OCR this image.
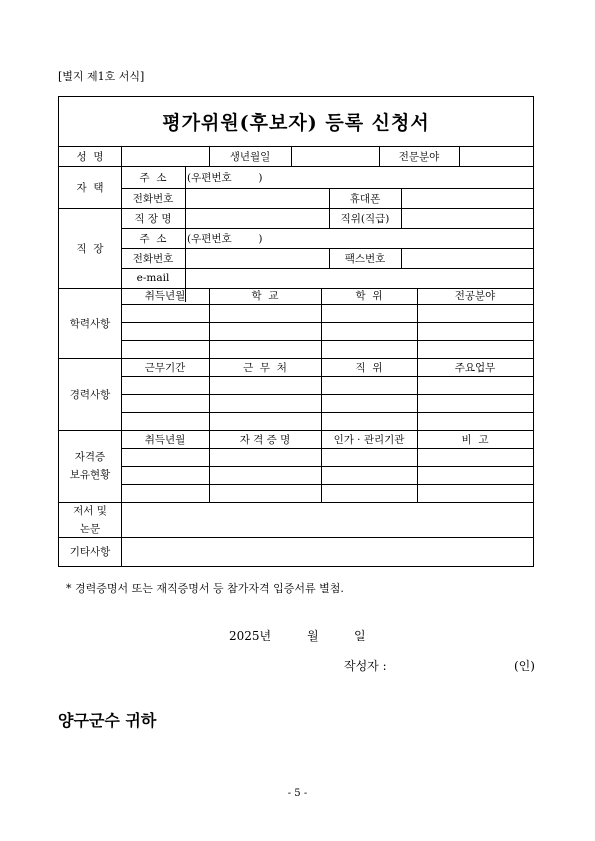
[별지 제1호 서식]
평가위원(후보자) 등록 신청서
성  명	생년월일	전문분야
자  택
주  소	(우편번호        )
전화번호	휴대폰
직  장
직 장 명	직위(직급)
주  소	(우편번호        )
전화번호	팩스번호
e-mail
학력사항
취득년월	학  교	학  위	전공분야
경력사항
근무기간	근  무  처	직  위	주요업무
자격증
보유현황
취득년월	자 격 증 명	인가 · 관리기관	비  고
저서 및
논문
기타사항
* 경력증명서 또는 재직증명서 등 참가자격 입증서류 별첨.
2025년	월	일
작성자 :	(인)
양구군수 귀하
- 5 -
